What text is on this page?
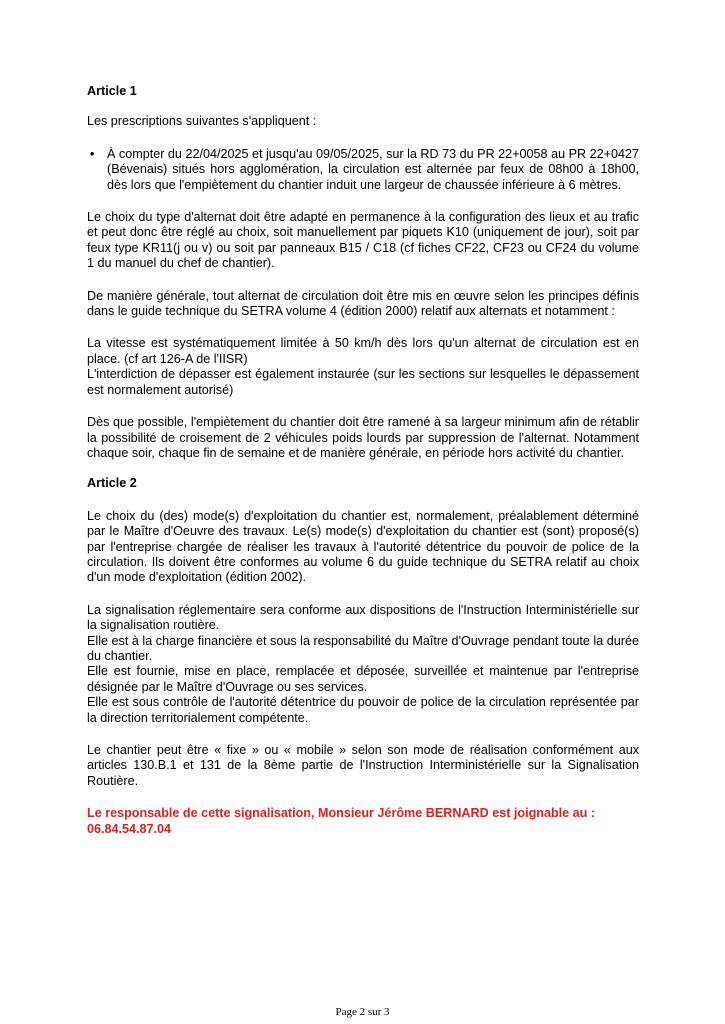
Article 1

Les prescriptions suivantes s'appliquent :

• À compter du 22/04/2025 et jusqu'au 09/05/2025, sur la RD 73 du PR 22+0058 au PR 22+0427 (Bévenais) situés hors agglomération, la circulation est alternée par feux de 08h00 à 18h00, dès lors que l'empiètement du chantier induit une largeur de chaussée inférieure à 6 mètres.

Le choix du type d'alternat doit être adapté en permanence à la configuration des lieux et au trafic et peut donc être réglé au choix, soit manuellement par piquets K10 (uniquement de jour), soit par feux type KR11(j ou v) ou soit par panneaux B15 / C18 (cf fiches CF22, CF23 ou CF24 du volume 1 du manuel du chef de chantier).

De manière générale, tout alternat de circulation doit être mis en œuvre selon les principes définis dans le guide technique du SETRA volume 4 (édition 2000) relatif aux alternats et notamment :

La vitesse est systématiquement limitée à 50 km/h dès lors qu'un alternat de circulation est en place. (cf art 126-A de l'IISR)

L'interdiction de dépasser est également instaurée (sur les sections sur lesquelles le dépassement est normalement autorisé)

Dès que possible, l'empiètement du chantier doit être ramené à sa largeur minimum afin de rétablir la possibilité de croisement de 2 véhicules poids lourds par suppression de l'alternat. Notamment chaque soir, chaque fin de semaine et de manière générale, en période hors activité du chantier.

Article 2

Le choix du (des) mode(s) d'exploitation du chantier est, normalement, préalablement déterminé par le Maître d'Oeuvre des travaux. Le(s) mode(s) d'exploitation du chantier est (sont) proposé(s) par l'entreprise chargée de réaliser les travaux à l'autorité détentrice du pouvoir de police de la circulation. Ils doivent être conformes au volume 6 du guide technique du SETRA relatif au choix d'un mode d'exploitation (édition 2002).

La signalisation réglementaire sera conforme aux dispositions de l'Instruction Interministérielle sur la signalisation routière.

Elle est à la charge financière et sous la responsabilité du Maître d'Ouvrage pendant toute la durée du chantier.

Elle est fournie, mise en place, remplacée et déposée, surveillée et maintenue par l'entreprise désignée par le Maître d'Ouvrage ou ses services.

Elle est sous contrôle de l'autorité détentrice du pouvoir de police de la circulation représentée par la direction territorialement compétente.

Le chantier peut être « fixe » ou « mobile » selon son mode de réalisation conformément aux articles 130.B.1 et 131 de la 8ème partie de l'Instruction Interministérielle sur la Signalisation Routière.

Le responsable de cette signalisation, Monsieur Jérôme BERNARD est joignable au :

06.84.54.87.04

Page 2 sur 3
